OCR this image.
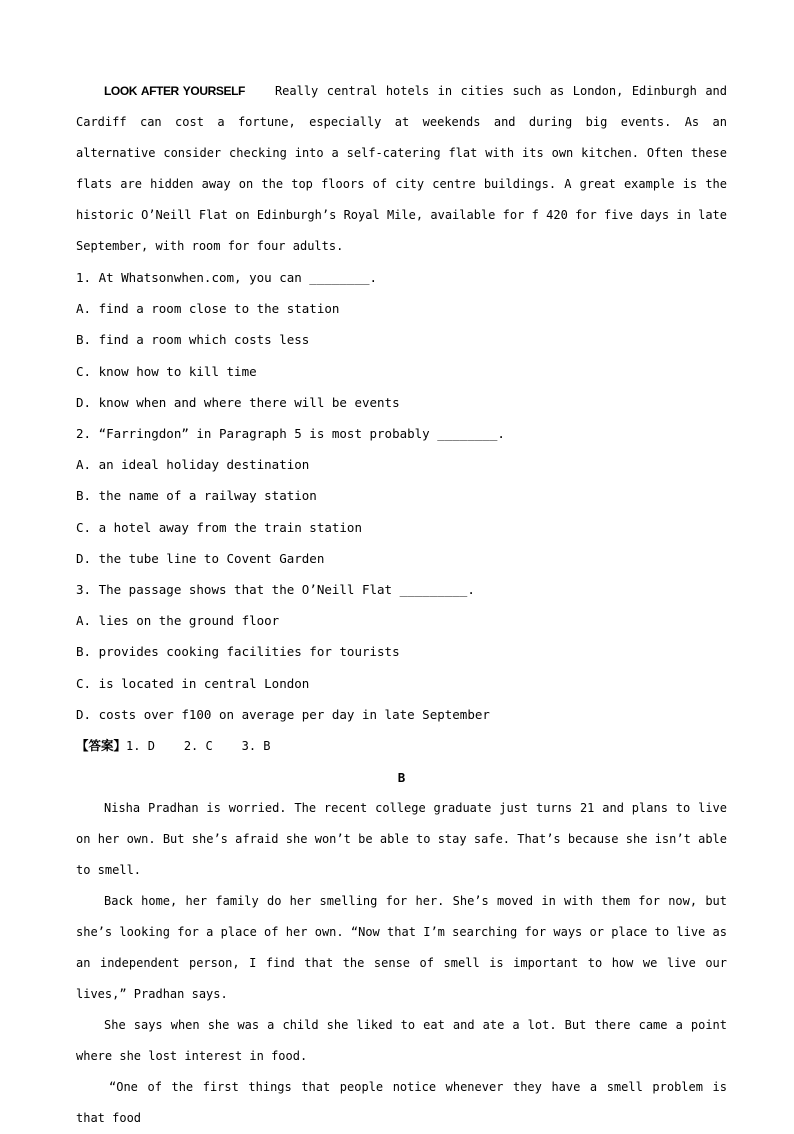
LOOK AFTER YOURSELF	Really central hotels in cities such as London, Edinburgh and Cardiff can cost a fortune, especially at weekends and during big events. As an alternative consider checking into a self-catering flat with its own kitchen. Often these flats are hidden away on the top floors of city centre buildings. A great example is the historic O’Neill Flat on Edinburgh’s Royal Mile, available for f 420 for five days in late September, with room for four adults.

1. At Whatsonwhen.com, you can ________.

A. find a room close to the station

B. find a room which costs less

C. know how to kill time

D. know when and where there will be events

2. “Farringdon” in Paragraph 5 is most probably ________.

A. an ideal holiday destination

B. the name of a railway station

C. a hotel away from the train station

D. the tube line to Covent Garden

3. The passage shows that the O’Neill Flat _________.

A. lies on the ground floor

B. provides cooking facilities for tourists

C. is located in central London

D. costs over f100 on average per day in late September

【答案】1. D    2. C    3. B

B

Nisha Pradhan is worried. The recent college graduate just turns 21 and plans to live on her own. But she’s afraid she won’t be able to stay safe. That’s because she isn’t able to smell.

Back home, her family do her smelling for her. She’s moved in with them for now, but she’s looking for a place of her own. “Now that I’m searching for ways or place to live as an independent person, I find that the sense of smell is important to how we live our lives,” Pradhan says.

She says when she was a child she liked to eat and ate a lot. But there came a point where she lost interest in food.

“One of the first things that people notice whenever they have a smell problem is that food
